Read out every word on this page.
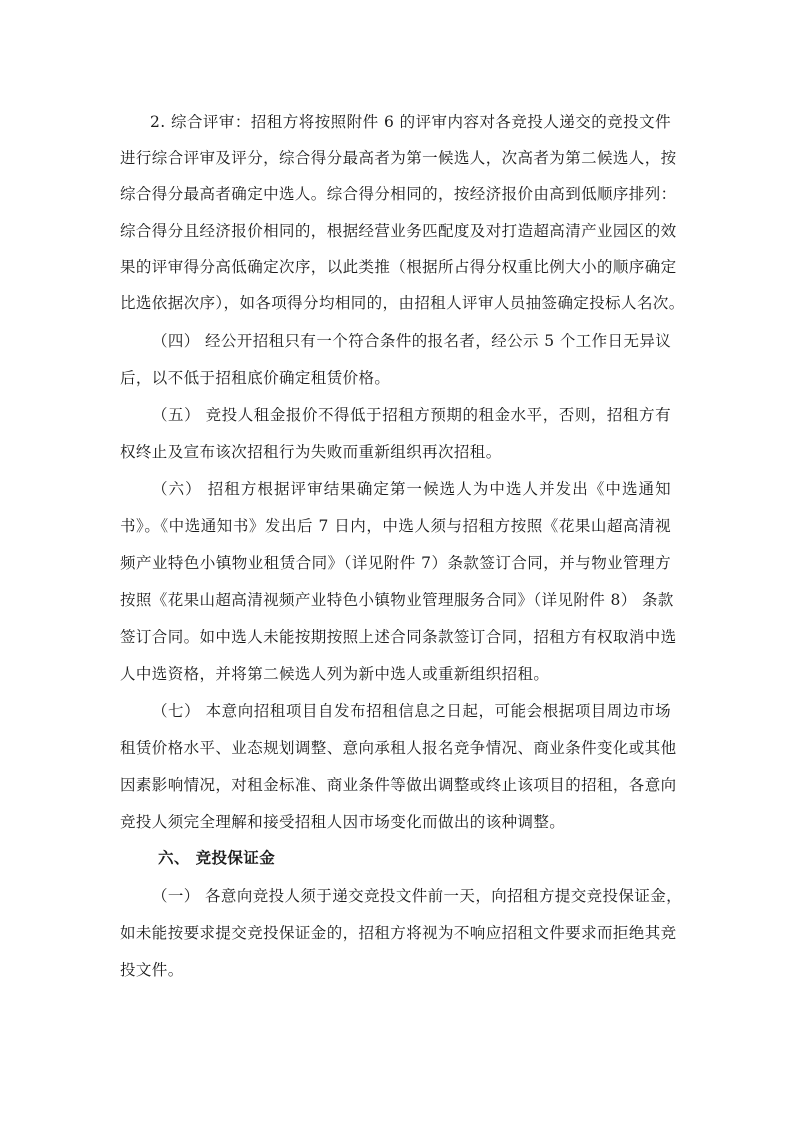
2. 综合评审：招租方将按照附件 6 的评审内容对各竞投人递交的竞投文件
进行综合评审及评分，综合得分最高者为第一候选人，次高者为第二候选人，按
综合得分最高者确定中选人。综合得分相同的，按经济报价由高到低顺序排列：
综合得分且经济报价相同的，根据经营业务匹配度及对打造超高清产业园区的效
果的评审得分高低确定次序，以此类推（根据所占得分权重比例大小的顺序确定
比选依据次序），如各项得分均相同的，由招租人评审人员抽签确定投标人名次。
（四） 经公开招租只有一个符合条件的报名者，经公示 5 个工作日无异议
后，以不低于招租底价确定租赁价格。
（五） 竞投人租金报价不得低于招租方预期的租金水平，否则，招租方有
权终止及宣布该次招租行为失败而重新组织再次招租。
（六） 招租方根据评审结果确定第一候选人为中选人并发出《中选通知
书》。《中选通知书》发出后 7 日内，中选人须与招租方按照《花果山超高清视
频产业特色小镇物业租赁合同》（详见附件 7）条款签订合同，并与物业管理方
按照《花果山超高清视频产业特色小镇物业管理服务合同》（详见附件 8） 条款
签订合同。如中选人未能按期按照上述合同条款签订合同，招租方有权取消中选
人中选资格，并将第二候选人列为新中选人或重新组织招租。
（七） 本意向招租项目自发布招租信息之日起，可能会根据项目周边市场
租赁价格水平、业态规划调整、意向承租人报名竞争情况、商业条件变化或其他
因素影响情况，对租金标准、商业条件等做出调整或终止该项目的招租，各意向
竞投人须完全理解和接受招租人因市场变化而做出的该种调整。
六、 竞投保证金
（一） 各意向竞投人须于递交竞投文件前一天，向招租方提交竞投保证金，
如未能按要求提交竞投保证金的，招租方将视为不响应招租文件要求而拒绝其竞
投文件。
